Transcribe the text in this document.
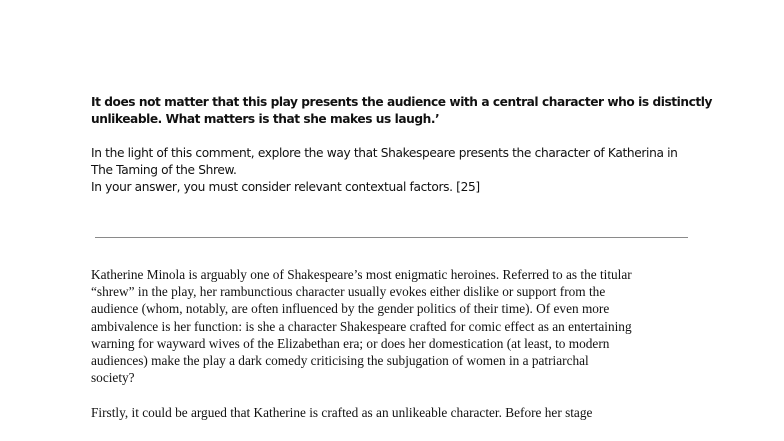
It does not matter that this play presents the audience with a central character who is distinctly
unlikeable. What matters is that she makes us laugh.’
In the light of this comment, explore the way that Shakespeare presents the character of Katherina in
The Taming of the Shrew.
In your answer, you must consider relevant contextual factors. [25]
Katherine Minola is arguably one of Shakespeare’s most enigmatic heroines. Referred to as the titular
“shrew” in the play, her rambunctious character usually evokes either dislike or support from the
audience (whom, notably, are often influenced by the gender politics of their time). Of even more
ambivalence is her function: is she a character Shakespeare crafted for comic effect as an entertaining
warning for wayward wives of the Elizabethan era; or does her domestication (at least, to modern
audiences) make the play a dark comedy criticising the subjugation of women in a patriarchal
society?
Firstly, it could be argued that Katherine is crafted as an unlikeable character. Before her stage
